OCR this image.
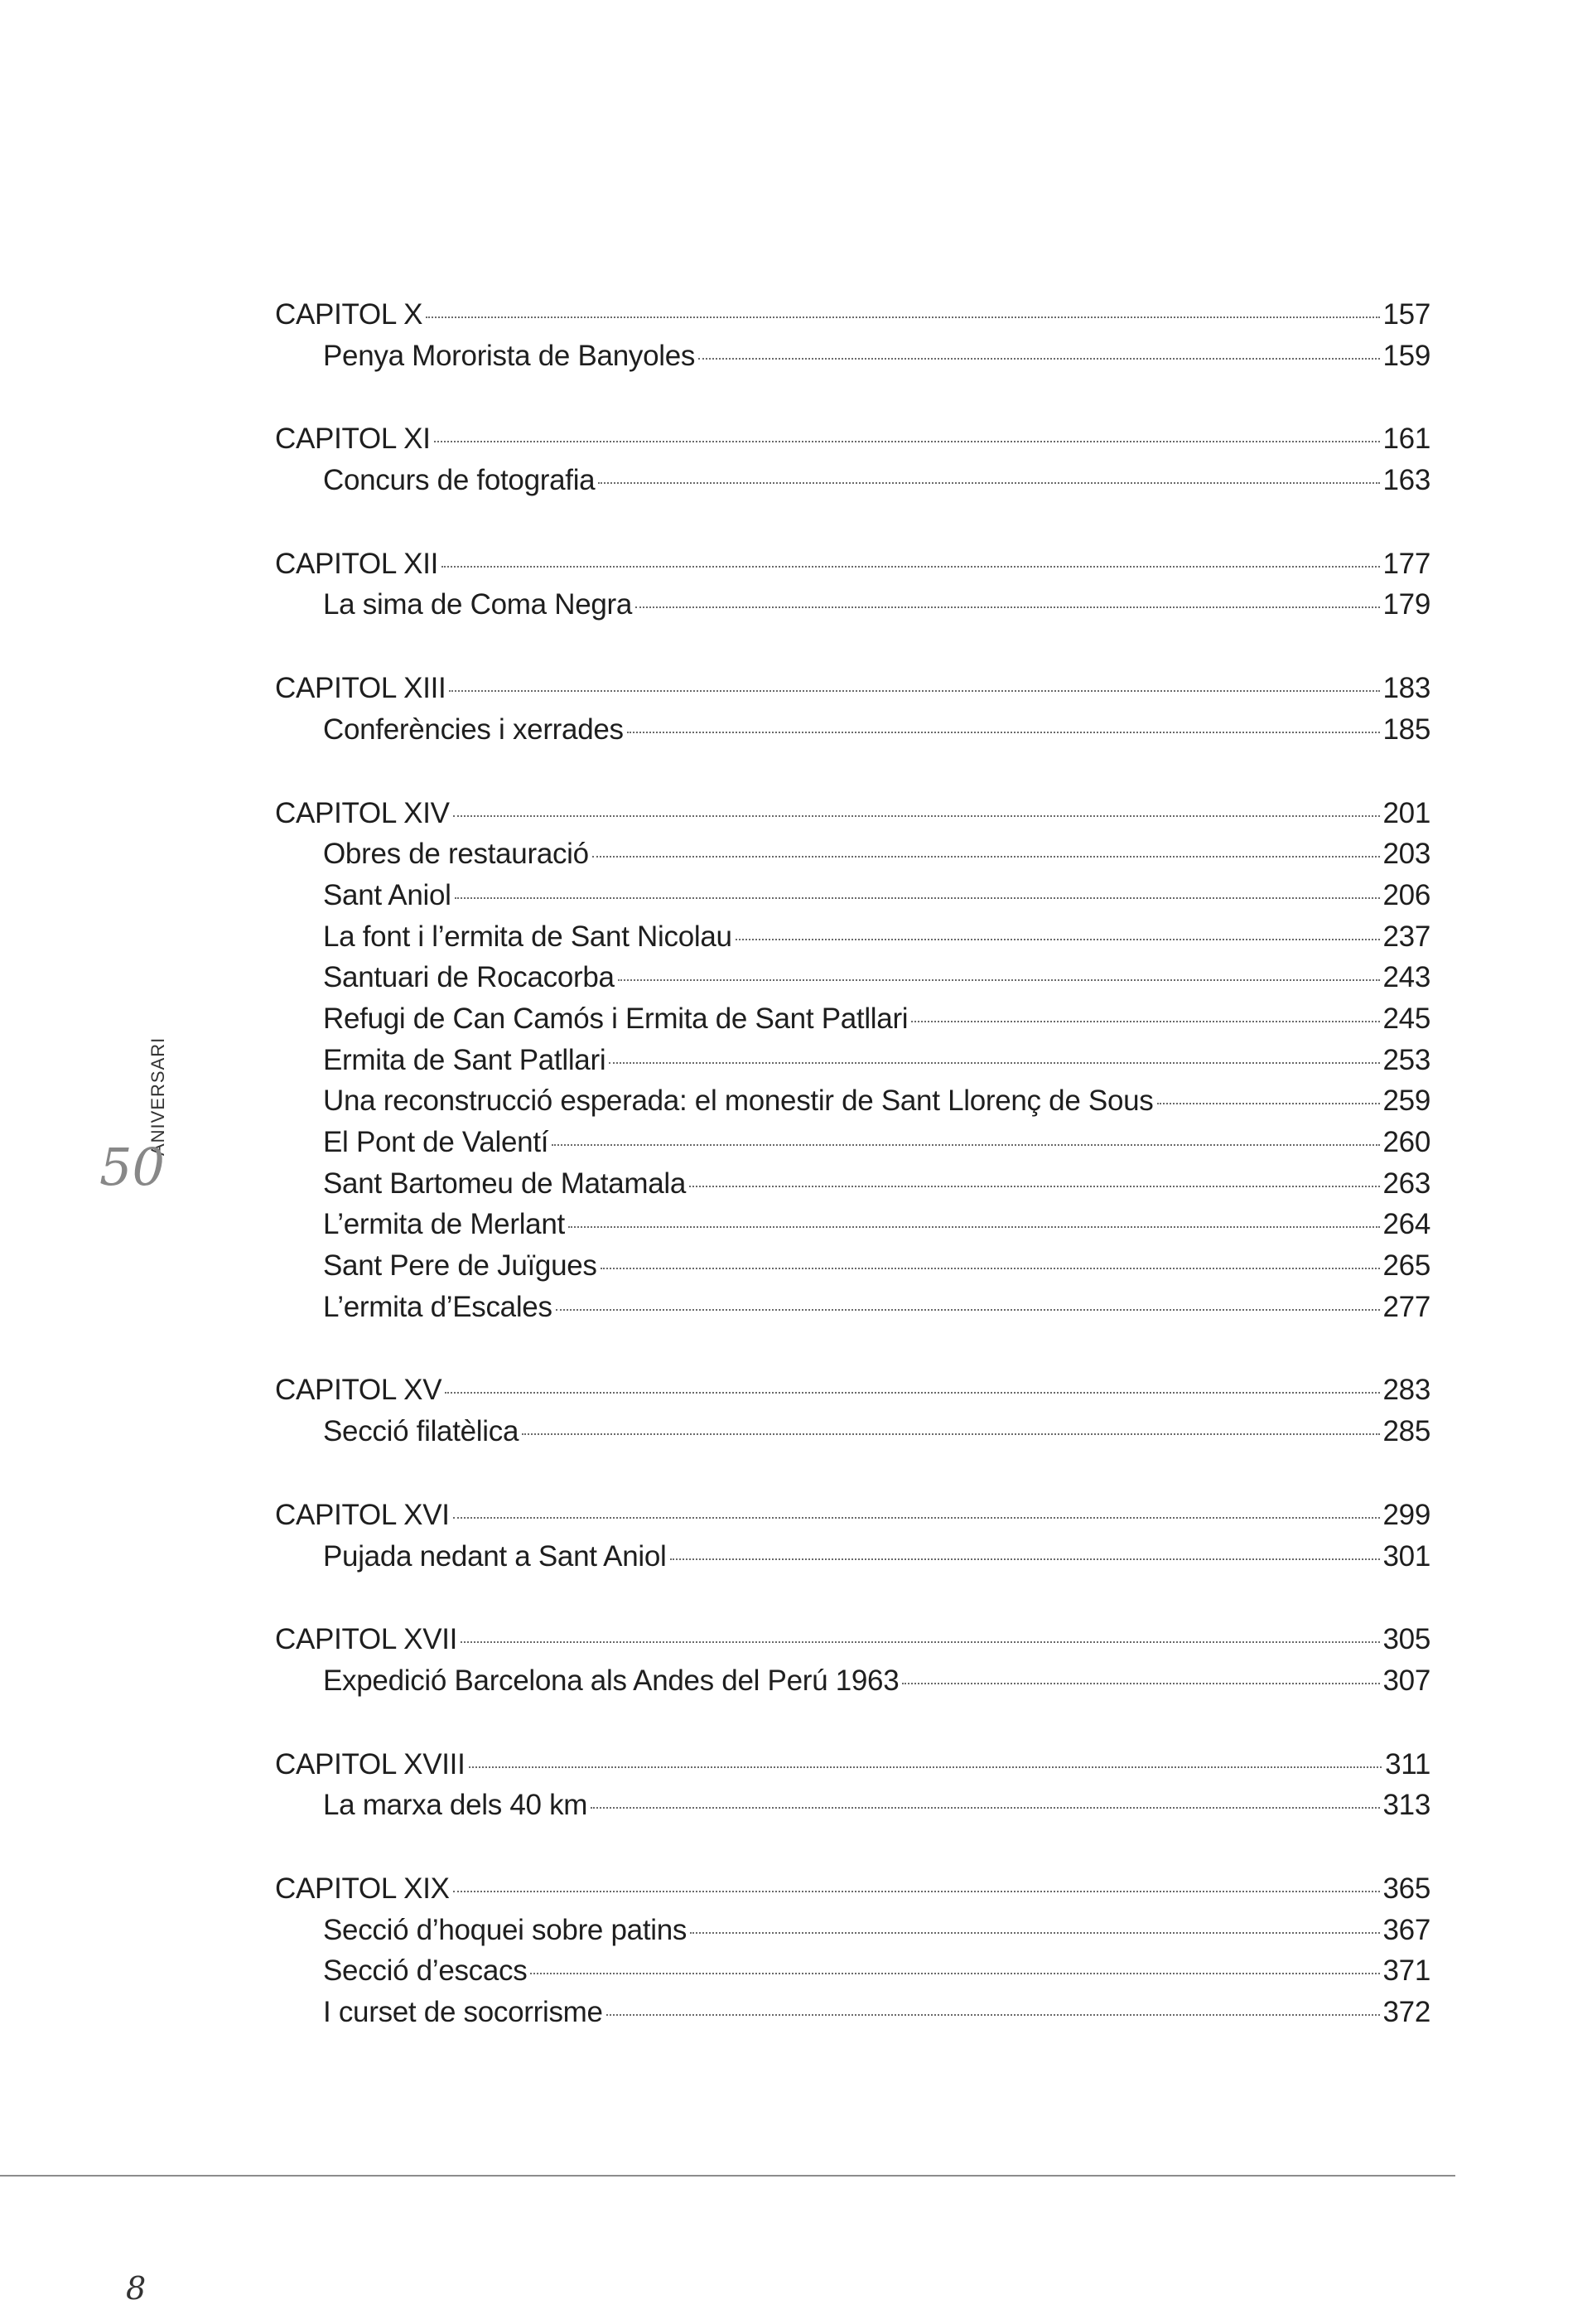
CAPITOL X	157
Penya Mororista de Banyoles	159
CAPITOL XI	161
Concurs de fotografia	163
CAPITOL XII	177
La sima de Coma Negra	179
CAPITOL XIII	183
Conferències i xerrades	185
CAPITOL XIV	201
Obres de restauració	203
Sant Aniol	206
La font i l’ermita de Sant Nicolau	237
Santuari de Rocacorba	243
Refugi de Can Camós i Ermita de Sant Patllari	245
Ermita de Sant Patllari	253
Una reconstrucció esperada: el monestir de Sant Llorenç de Sous	259
El Pont de Valentí	260
Sant Bartomeu de Matamala	263
L’ermita de Merlant	264
Sant Pere de Juïgues	265
L’ermita d’Escales	277
CAPITOL XV	283
Secció filatèlica	285
CAPITOL XVI	299
Pujada nedant a Sant Aniol	301
CAPITOL XVII	305
Expedició Barcelona als Andes del Perú 1963	307
CAPITOL XVIII	311
La marxa dels 40 km	313
CAPITOL XIX	365
Secció d’hoquei sobre patins	367
Secció d’escacs	371
I curset de socorrisme	372
ANIVERSARI
50
8
